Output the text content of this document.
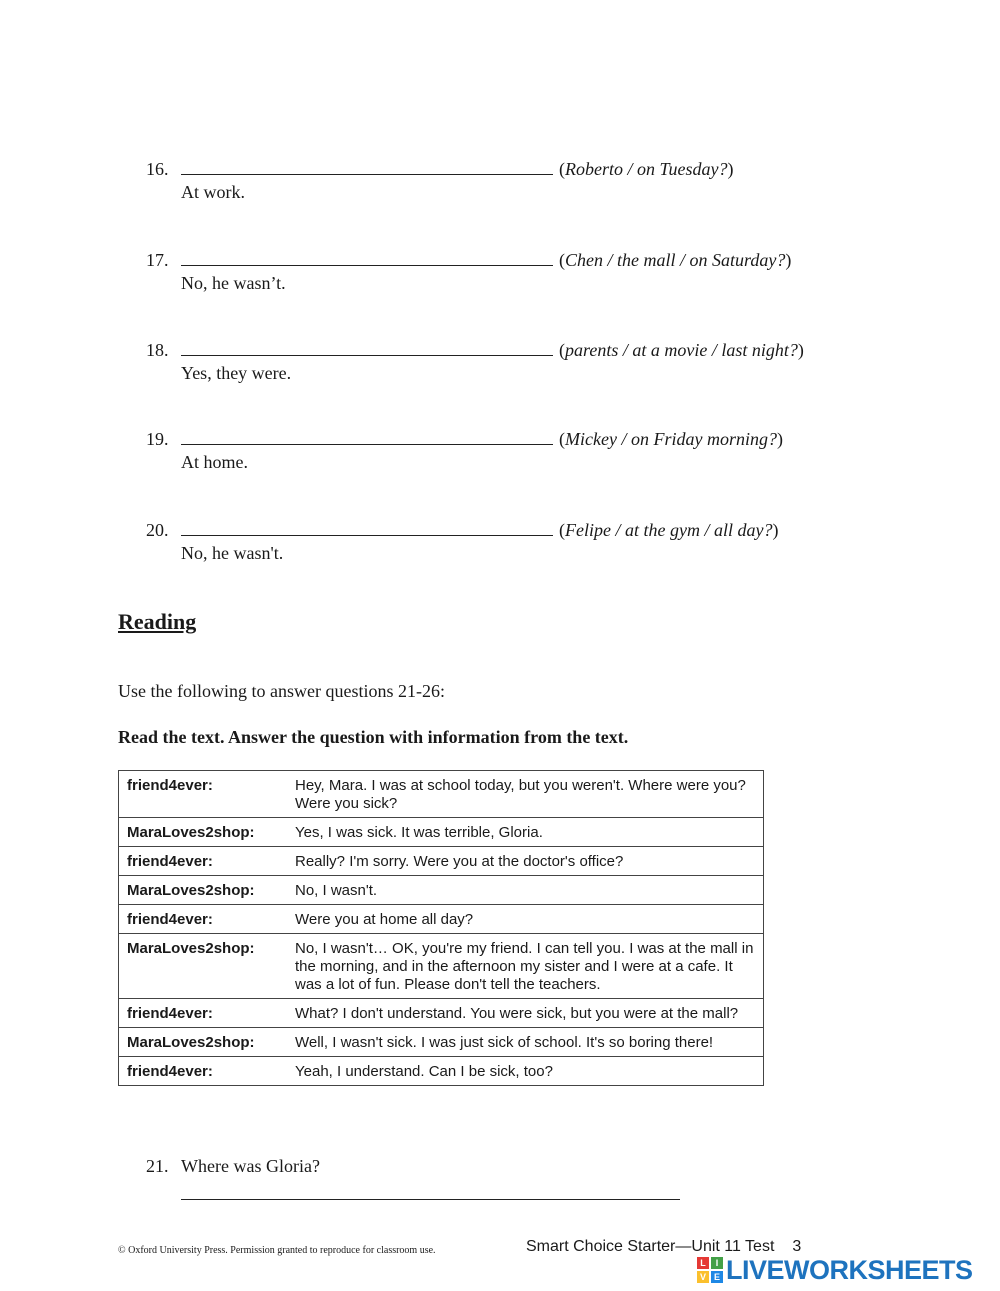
16.	(Roberto / on Tuesday?)
At work.
17.	(Chen / the mall / on Saturday?)
No, he wasn’t.
18.	(parents / at a movie / last night?)
Yes, they were.
19.	(Mickey / on Friday morning?)
At home.
20.	(Felipe / at the gym / all day?)
No, he wasn't.
Reading
Use the following to answer questions 21-26:
Read the text. Answer the question with information from the text.
friend4ever:	Hey, Mara. I was at school today, but you weren't. Where were you? Were you sick?
MaraLoves2shop:	Yes, I was sick. It was terrible, Gloria.
friend4ever:	Really? I'm sorry. Were you at the doctor's office?
MaraLoves2shop:	No, I wasn't.
friend4ever:	Were you at home all day?
MaraLoves2shop:	No, I wasn't… OK, you're my friend. I can tell you. I was at the mall in the morning, and in the afternoon my sister and I were at a cafe. It was a lot of fun. Please don't tell the teachers.
friend4ever:	What? I don't understand. You were sick, but you were at the mall?
MaraLoves2shop:	Well, I wasn't sick. I was just sick of school. It's so boring there!
friend4ever:	Yeah, I understand. Can I be sick, too?
21. Where was Gloria?
© Oxford University Press. Permission granted to reproduce for classroom use.	Smart Choice Starter—Unit 11 Test 3
L	I
V E LIVEWORKSHEETS
